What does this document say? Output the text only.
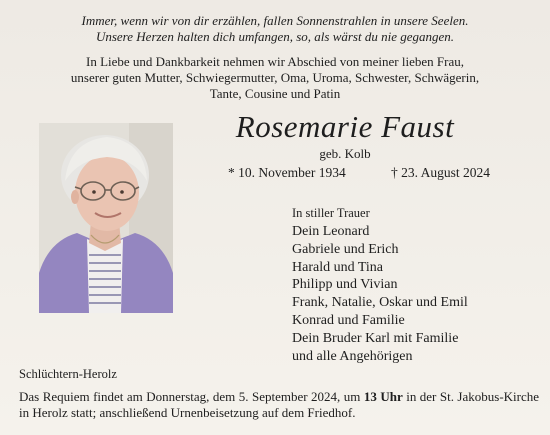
Immer, wenn wir von dir erzählen, fallen Sonnenstrahlen in unsere Seelen.
Unsere Herzen halten dich umfangen, so, als wärst du nie gegangen.
In Liebe und Dankbarkeit nehmen wir Abschied von meiner lieben Frau,
unserer guten Mutter, Schwiegermutter, Oma, Uroma, Schwester, Schwägerin,
Tante, Cousine und Patin
Rosemarie Faust
geb. Kolb
* 10. November 1934	† 23. August 2024
In stiller Trauer
Dein Leonard
Gabriele und Erich
Harald und Tina
Philipp und Vivian
Frank, Natalie, Oskar und Emil
Konrad und Familie
Dein Bruder Karl mit Familie
und alle Angehörigen
Schlüchtern-Herolz
Das Requiem findet am Donnerstag, dem 5. September 2024, um 13 Uhr in der St. Jakobus-Kirche in Herolz statt; anschließend Urnenbeisetzung auf dem Friedhof.
